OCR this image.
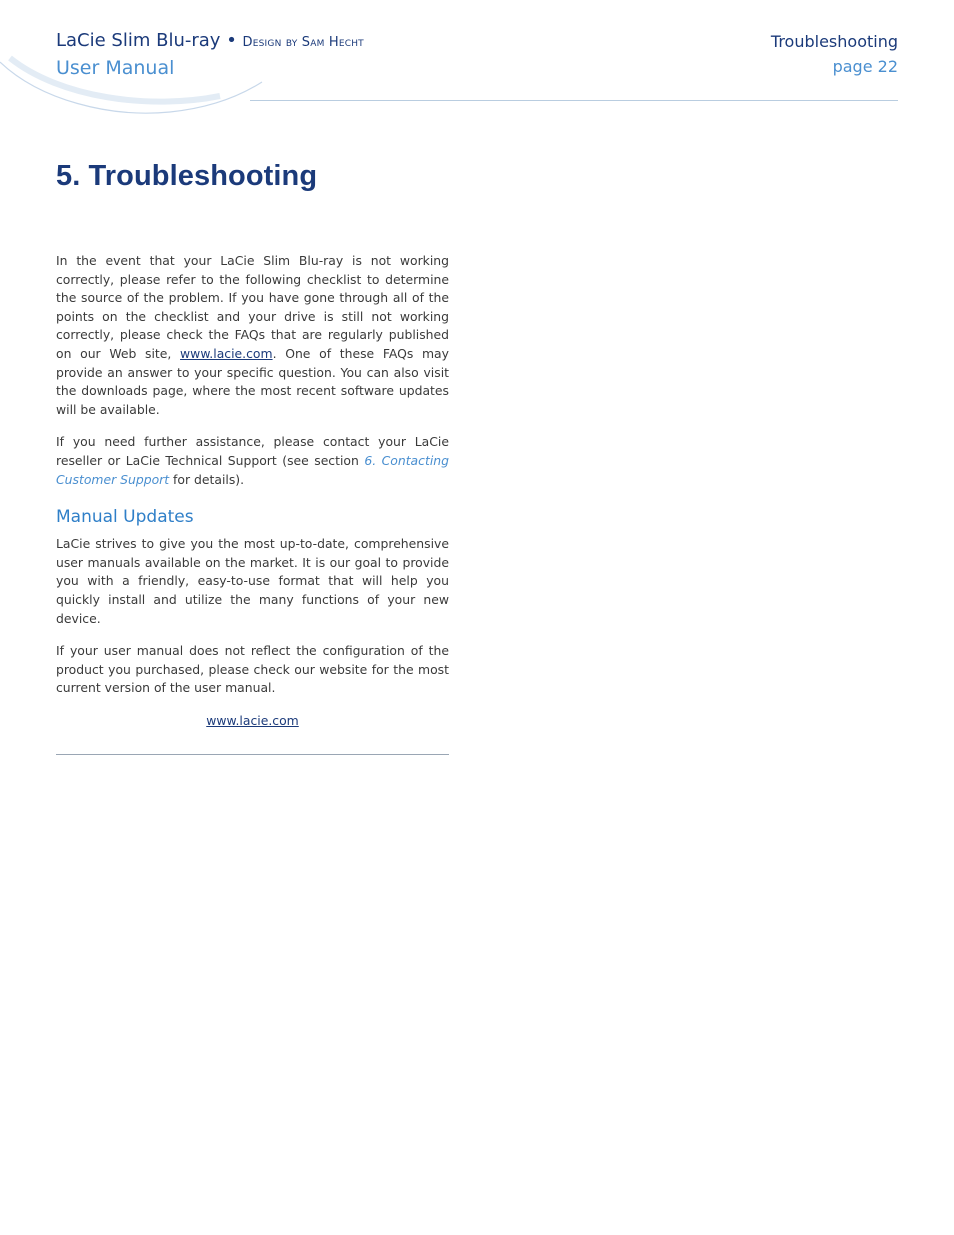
LaCie Slim Blu-ray • Design by Sam Hecht
User Manual
Troubleshooting
page 22
5. Troubleshooting

In the event that your LaCie Slim Blu-ray is not working correctly, please refer to the following checklist to determine the source of the problem. If you have gone through all of the points on the checklist and your drive is still not working correctly, please check the FAQs that are regularly published on our Web site, www.lacie.com. One of these FAQs may provide an answer to your specific question. You can also visit the downloads page, where the most recent software updates will be available.

If you need further assistance, please contact your LaCie reseller or LaCie Technical Support (see section 6. Contacting Customer Support for details).

Manual Updates

LaCie strives to give you the most up-to-date, comprehensive user manuals available on the market. It is our goal to provide you with a friendly, easy-to-use format that will help you quickly install and utilize the many functions of your new device.

If your user manual does not reflect the configuration of the product you purchased, please check our website for the most current version of the user manual.

www.lacie.com
